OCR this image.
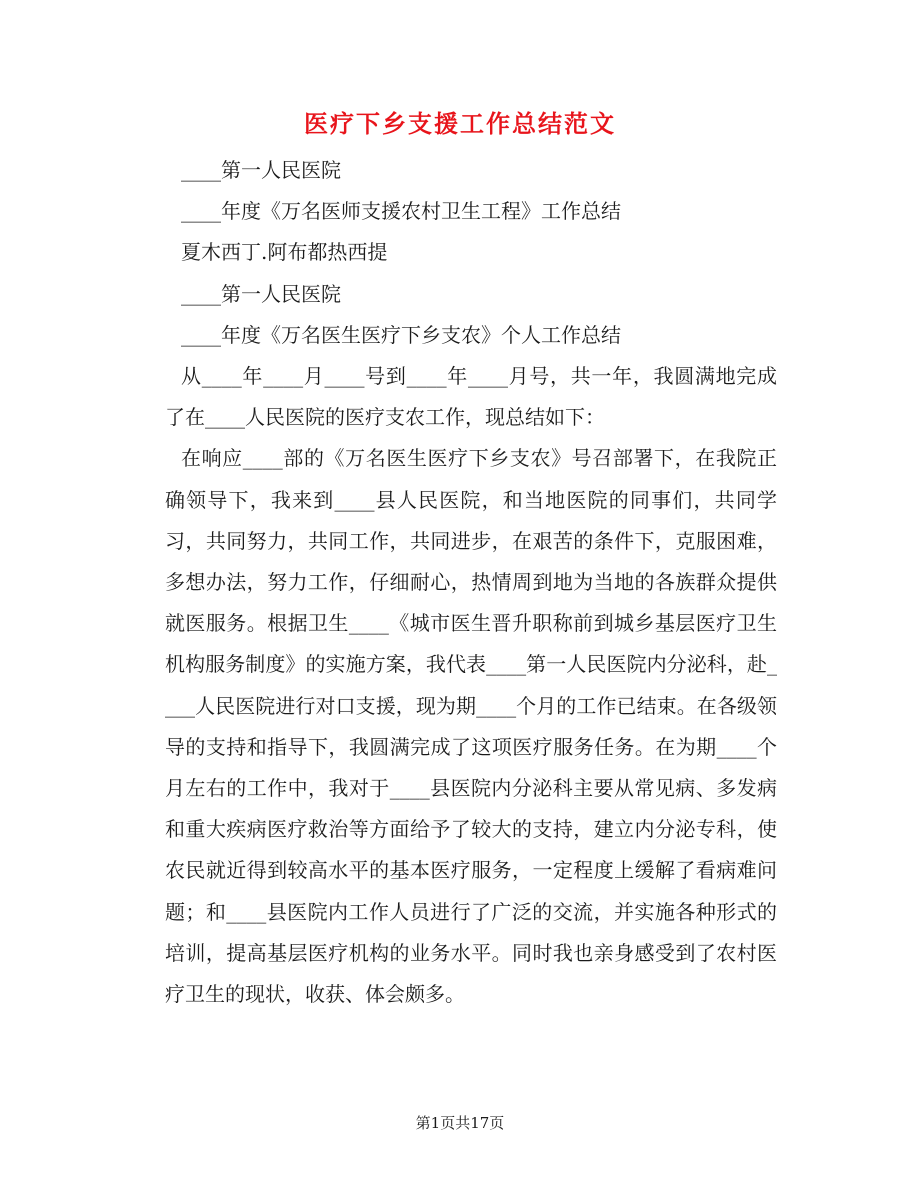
医疗下乡支援工作总结范文

____第一人民医院

____年度《万名医师支援农村卫生工程》工作总结

夏木西丁.阿布都热西提

____第一人民医院

____年度《万名医生医疗下乡支农》个人工作总结

从____年____月____号到____年____月号，共一年，我圆满地完成了在____人民医院的医疗支农工作，现总结如下：

在响应____部的《万名医生医疗下乡支农》号召部署下，在我院正确领导下，我来到____县人民医院，和当地医院的同事们，共同学习，共同努力，共同工作，共同进步，在艰苦的条件下，克服困难，多想办法，努力工作，仔细耐心，热情周到地为当地的各族群众提供就医服务。根据卫生____《城市医生晋升职称前到城乡基层医疗卫生机构服务制度》的实施方案，我代表____第一人民医院内分泌科，赴____人民医院进行对口支援，现为期____个月的工作已结束。在各级领导的支持和指导下，我圆满完成了这项医疗服务任务。在为期____个月左右的工作中，我对于____县医院内分泌科主要从常见病、多发病和重大疾病医疗救治等方面给予了较大的支持，建立内分泌专科，使农民就近得到较高水平的基本医疗服务，一定程度上缓解了看病难问题；和____县医院内工作人员进行了广泛的交流，并实施各种形式的培训，提高基层医疗机构的业务水平。同时我也亲身感受到了农村医疗卫生的现状，收获、体会颇多。

第1页共17页
